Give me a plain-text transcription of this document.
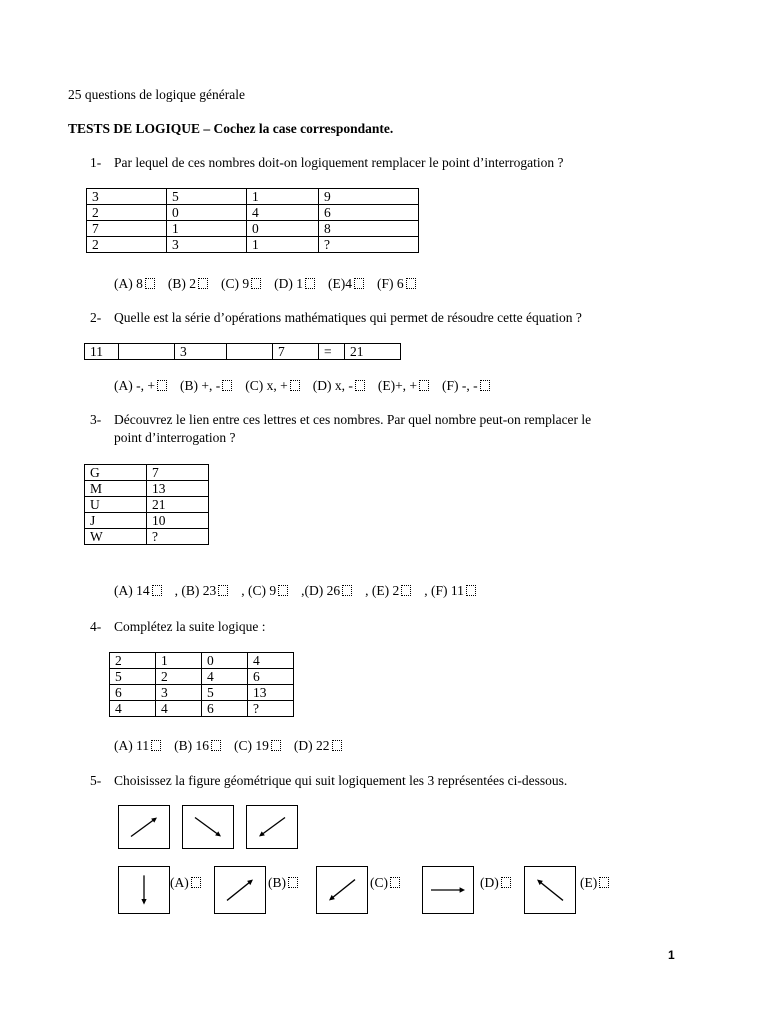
25 questions de logique générale
TESTS DE LOGIQUE – Cochez la case correspondante.
1- Par lequel de ces nombres doit-on logiquement remplacer le point d’interrogation ?
3	5	1	9
2	0	4	6
7	1	0	8
2	3	1	?
(A) 8 (B) 2 (C) 9 (D) 1 (E)4 (F) 6
2- Quelle est la série d’opérations mathématiques qui permet de résoudre cette équation ?
11		3		7	=	21
(A) -, + (B) +, - (C) x, + (D) x, - (E)+, + (F) -, -
3- Découvrez le lien entre ces lettres et ces nombres. Par quel nombre peut-on remplacer le
point d’interrogation ?
G	7
M	13
U	21
J	10
W	?
(A) 14 , (B) 23 , (C) 9 ,(D) 26 , (E) 2 , (F) 11
4- Complétez la suite logique :
2	1	0	4
5	2	4	6
6	3	5	13
4	4	6	?
(A) 11 (B) 16 (C) 19 (D) 22
5- Choisissez la figure géométrique qui suit logiquement les 3 représentées ci-dessous.
(A)	(B)	(C)	(D)	(E)
1
